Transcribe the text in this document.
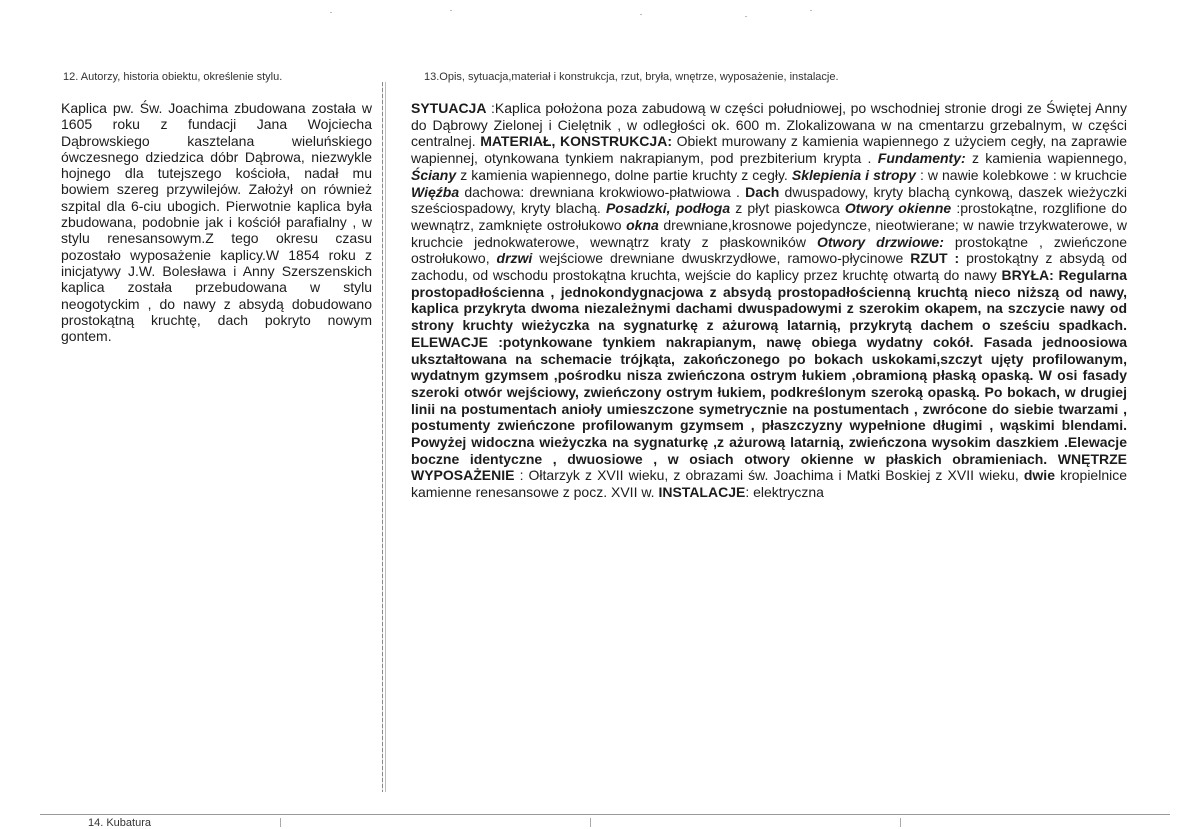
12. Autorzy, historia obiektu, określenie stylu.	13.Opis, sytuacja,materiał i konstrukcja, rzut, bryła, wnętrze, wyposażenie, instalacje.
Kaplica pw. Św. Joachima zbudowana została w 1605 roku z fundacji Jana Wojciecha Dąbrowskiego kasztelana wieluńskiego ówczesnego dziedzica dóbr Dąbrowa, niezwykle hojnego dla tutejszego kościoła, nadał mu bowiem szereg przywilejów. Założył on również szpital dla 6-ciu ubogich. Pierwotnie kaplica była zbudowana, podobnie jak i kościół parafialny , w stylu renesansowym.Z tego okresu czasu pozostało wyposażenie kaplicy.W 1854 roku z inicjatywy J.W. Bolesława i Anny Szerszenskich kaplica została przebudowana w stylu neogotyckim , do nawy z absydą dobudowano prostokątną kruchtę, dach pokryto nowym gontem.
SYTUACJA :Kaplica położona poza zabudową w części południowej, po wschodniej stronie drogi ze Świętej Anny do Dąbrowy Zielonej i Cielętnik , w odległości ok. 600 m. Zlokalizowana w na cmentarzu grzebalnym, w części centralnej. MATERIAŁ, KONSTRUKCJA: Obiekt murowany z kamienia wapiennego z użyciem cegły, na zaprawie wapiennej, otynkowana tynkiem nakrapianym, pod prezbiterium krypta . Fundamenty: z kamienia wapiennego, Ściany z kamienia wapiennego, dolne partie kruchty z cegły. Sklepienia i stropy : w nawie kolebkowe : w kruchcie Więźba dachowa: drewniana krokwiowo-płatwiowa . Dach dwuspadowy, kryty blachą cynkową, daszek wieżyczki sześciospadowy, kryty blachą. Posadzki, podłoga z płyt piaskowca Otwory okienne :prostokątne, rozglifione do wewnątrz, zamknięte ostrołukowo okna drewniane,krosnowe pojedyncze, nieotwierane; w nawie trzykwaterowe, w kruchcie jednokwaterowe, wewnątrz kraty z płaskowników Otwory drzwiowe: prostokątne , zwieńczone ostrołukowo, drzwi wejściowe drewniane dwuskrzydłowe, ramowo-płycinowe RZUT : prostokątny z absydą od zachodu, od wschodu prostokątna kruchta, wejście do kaplicy przez kruchtę otwartą do nawy BRYŁA: Regularna prostopadłościenna , jednokondygnacjowa z absydą prostopadłościenną kruchtą nieco niższą od nawy, kaplica przykryta dwoma niezależnymi dachami dwuspadowymi z szerokim okapem, na szczycie nawy od strony kruchty wieżyczka na sygnaturkę z ażurową latarnią, przykrytą dachem o sześciu spadkach. ELEWACJE :potynkowane tynkiem nakrapianym, nawę obiega wydatny cokół. Fasada jednoosiowa ukształtowana na schemacie trójkąta, zakończonego po bokach uskokami,szczyt ujęty profilowanym, wydatnym gzymsem ,pośrodku nisza zwieńczona ostrym łukiem ,obramioną płaską opaską. W osi fasady szeroki otwór wejściowy, zwieńczony ostrym łukiem, podkreślonym szeroką opaską. Po bokach, w drugiej linii na postumentach anioły umieszczone symetrycznie na postumentach , zwrócone do siebie twarzami , postumenty zwieńczone profilowanym gzymsem , płaszczyzny wypełnione długimi , wąskimi blendami. Powyżej widoczna wieżyczka na sygnaturkę ,z ażurową latarnią, zwieńczona wysokim daszkiem .Elewacje boczne identyczne , dwuosiowe , w osiach otwory okienne w płaskich obramieniach. WNĘTRZE WYPOSAŻENIE : Ołtarzyk z XVII wieku, z obrazami św. Joachima i Matki Boskiej z XVII wieku, dwie kropielnice kamienne renesansowe z pocz. XVII w. INSTALACJE: elektryczna
14. Kubatura
